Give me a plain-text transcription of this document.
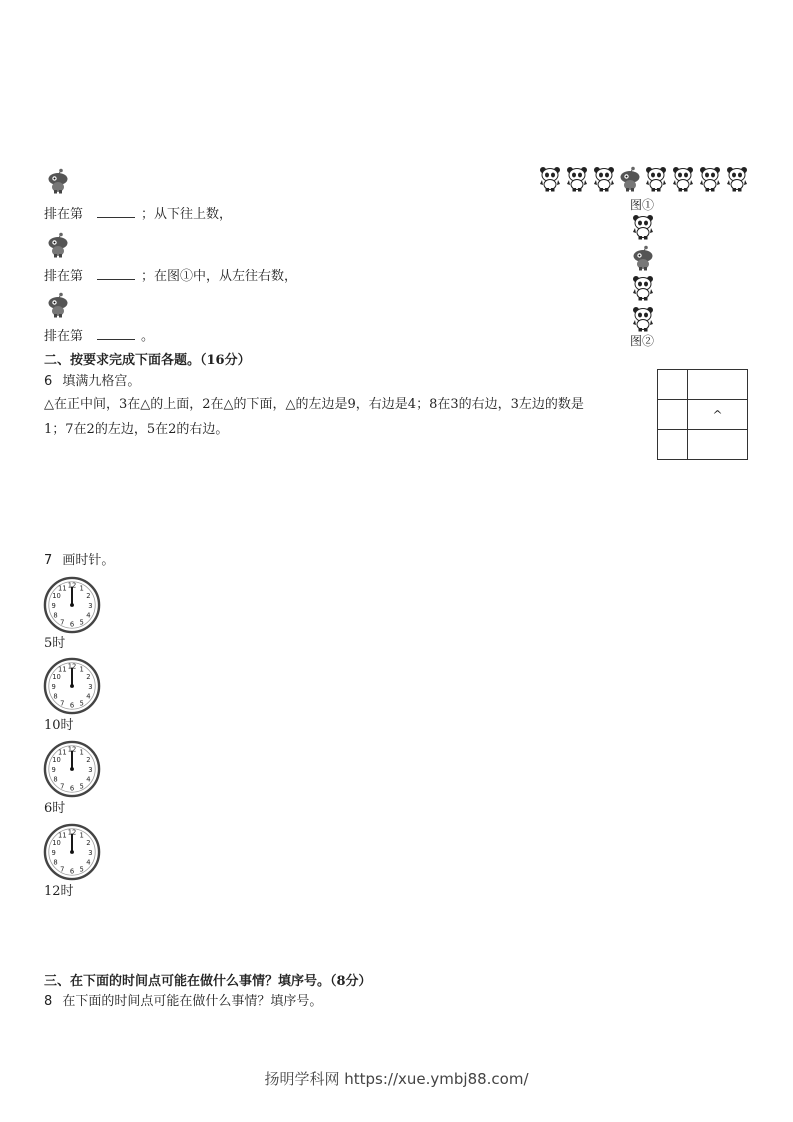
排在第	；从下往上数，
排在第	；在图①中，从左往右数，
排在第	。
图①
图②
二、按要求完成下面各题。（16分）
6 填满九格宫。
△在正中间，3在△的上面，2在△的下面，△的左边是9，右边是4；8在3的右边，3左边的数是
1；7在2的左边，5在2的右边。

	^

7 画时针。
5时
10时
6时
12时
三、在下面的时间点可能在做什么事情？填序号。（8分）
8 在下面的时间点可能在做什么事情？填序号。
扬明学科网 https://xue.ymbj88.com/
